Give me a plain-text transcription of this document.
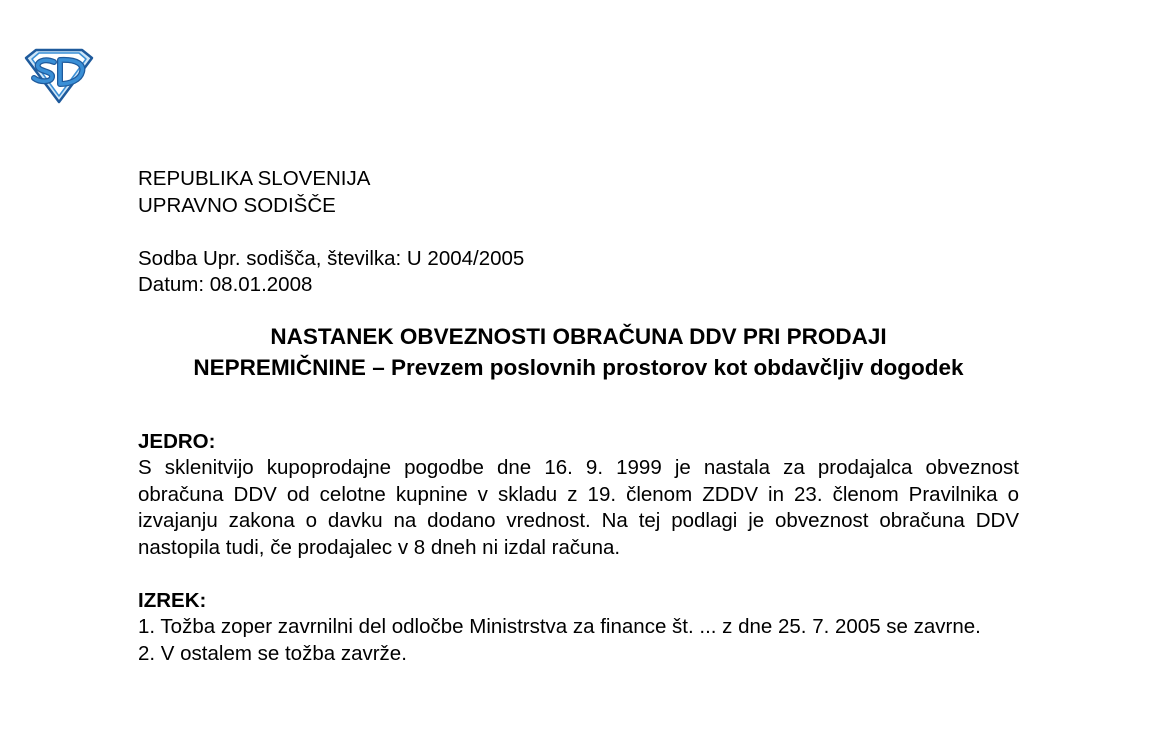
REPUBLIKA SLOVENIJA
UPRAVNO SODIŠČE
Sodba Upr. sodišča, številka: U 2004/2005
Datum: 08.01.2008
NASTANEK OBVEZNOSTI OBRAČUNA DDV PRI PRODAJI NEPREMIČNINE – Prevzem poslovnih prostorov kot obdavčljiv dogodek
JEDRO:
S sklenitvijo kupoprodajne pogodbe dne 16. 9. 1999 je nastala za prodajalca obveznost obračuna DDV od celotne kupnine v skladu z 19. členom ZDDV in 23. členom Pravilnika o izvajanju zakona o davku na dodano vrednost. Na tej podlagi je obveznost obračuna DDV nastopila tudi, če prodajalec v 8 dneh ni izdal računa.
IZREK:
1. Tožba zoper zavrnilni del odločbe Ministrstva za finance št. ... z dne 25. 7. 2005 se zavrne.
2. V ostalem se tožba zavrže.
